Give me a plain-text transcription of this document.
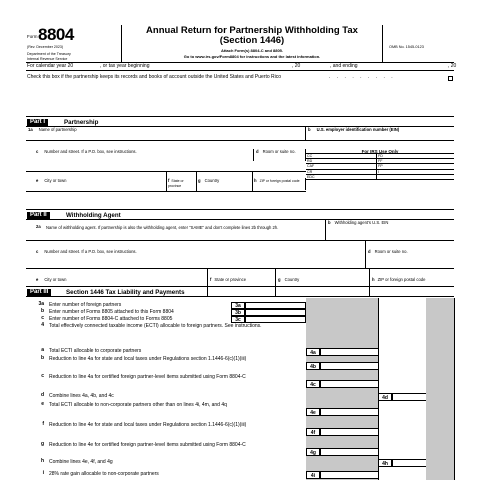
Form 8804
(Rev. December 2023)
Department of the Treasury
Internal Revenue Service
Annual Return for Partnership Withholding Tax
(Section 1446)
Attach Form(s) 8804-C and 8805.
Go to www.irs.gov/Form8804 for instructions and the latest information.
OMB No. 1545-0123
For calendar year 20	, or tax year beginning	, 20	, and ending	, 20
Check this box if the partnership keeps its records and books of account outside the United States and Puerto Rico	. . . . . . . . .
Part I	Partnership
1a Name of partnership	b U.S. employer identification number (EIN)
c Number and street. If a P.O. box, see instructions.	d Room or suite no.
e City or town	f State or province
g Country	h ZIP or foreign postal code
For IRS Use Only
CC	FD
RD	FF
CAF	FP
CR	I
EDC
Part II	Withholding Agent
2a Name of withholding agent. If partnership is also the withholding agent, enter "SAME" and don't complete lines 2b through 2h.
b Withholding agent's U.S. EIN
c Number and street. If a P.O. box, see instructions.	d Room or suite no.
e City or town	f State or province	g Country	h ZIP or foreign postal code
Part III	Section 1446 Tax Liability and Payments
3a Enter number of foreign partners	3a
b Enter number of Forms 8805 attached to this Form 8804	3b
c Enter number of Forms 8804-C attached to Forms 8805	3c
4 Total effectively connected taxable income (ECTI) allocable to foreign partners. See instructions.
a Total ECTI allocable to corporate partners	4a
b Reduction to line 4a for state and local taxes under Regulations section 1.1446-6(c)(1)(iii)
4b
c Reduction to line 4a for certified foreign partner-level items submitted using Form 8804-C
4c
d Combine lines 4a, 4b, and 4c	4d
e Total ECTI allocable to non-corporate partners other than on lines 4i, 4m, and 4q
4e
f Reduction to line 4e for state and local taxes under Regulations section 1.1446-6(c)(1)(iii)
4f
g Reduction to line 4e for certified foreign partner-level items submitted using Form 8804-C
4g
h Combine lines 4e, 4f, and 4g	4h
i 28% rate gain allocable to non-corporate partners	4i
